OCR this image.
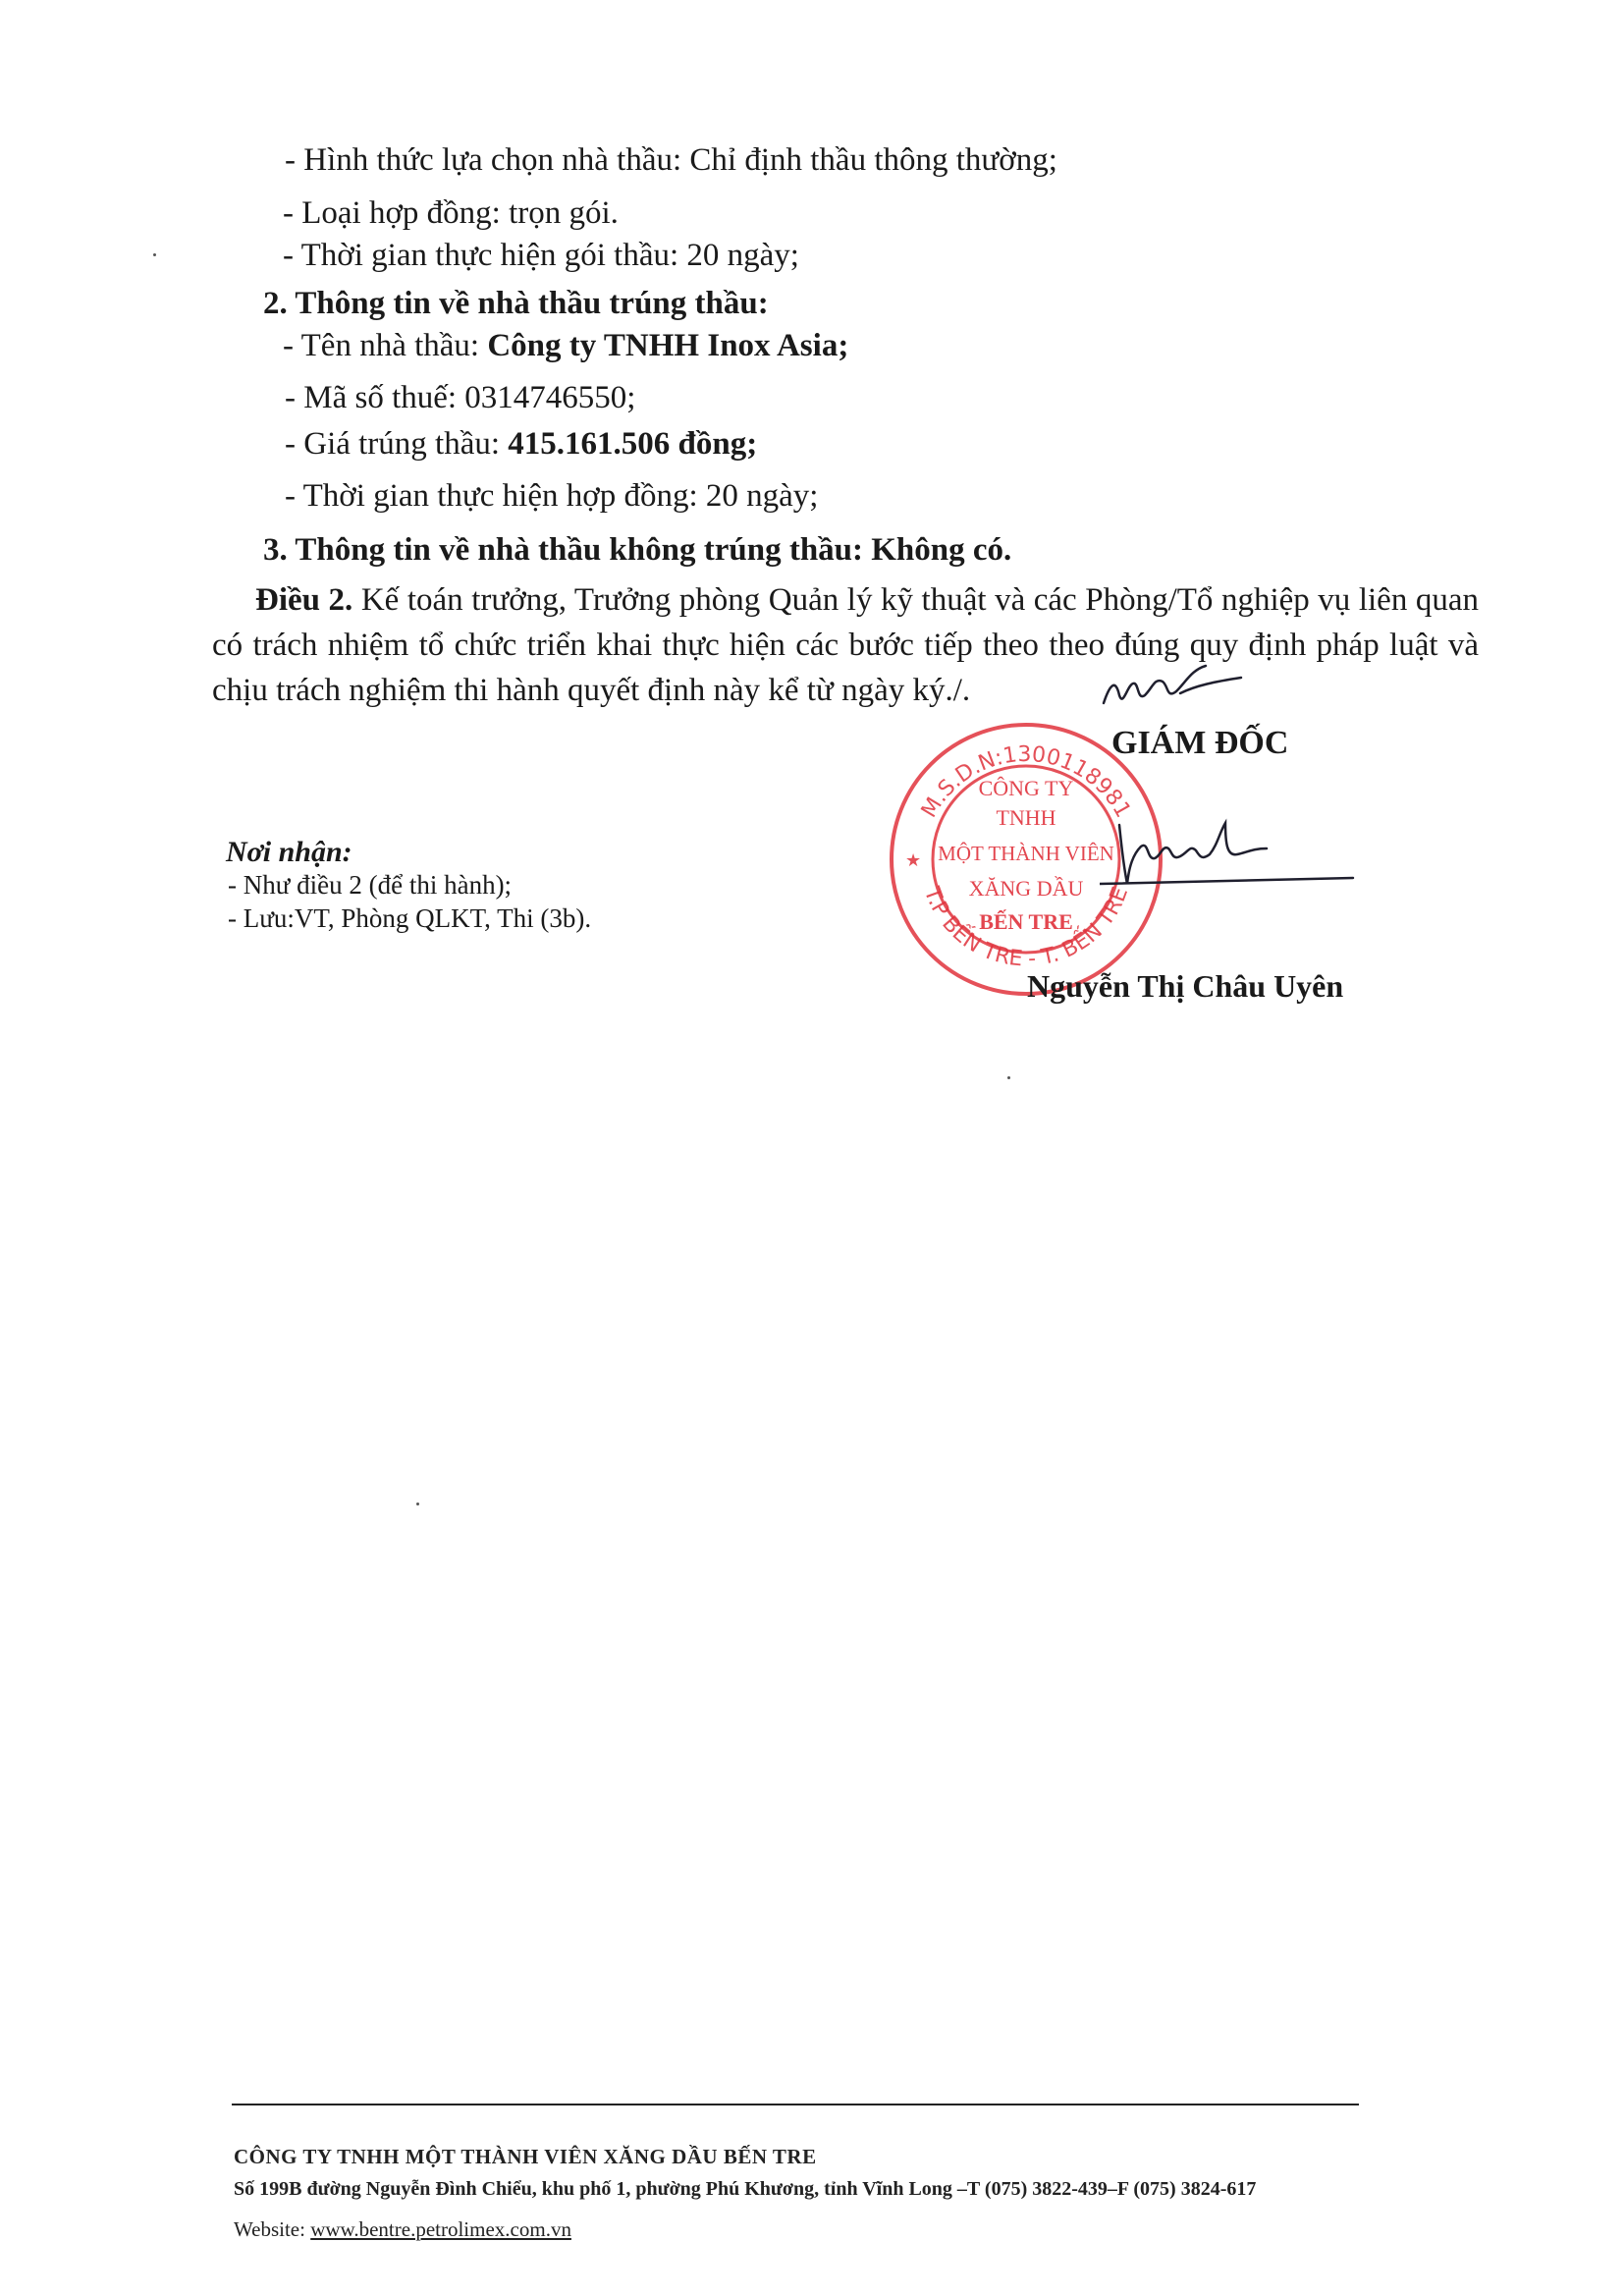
- Hình thức lựa chọn nhà thầu: Chỉ định thầu thông thường;
- Loại hợp đồng: trọn gói.
- Thời gian thực hiện gói thầu: 20 ngày;
2. Thông tin về nhà thầu trúng thầu:
- Tên nhà thầu: Công ty TNHH Inox Asia;
- Mã số thuế: 0314746550;
- Giá trúng thầu: 415.161.506 đồng;
- Thời gian thực hiện hợp đồng: 20 ngày;
3. Thông tin về nhà thầu không trúng thầu: Không có.
Điều 2. Kế toán trưởng, Trưởng phòng Quản lý kỹ thuật và các Phòng/Tổ nghiệp vụ liên quan có trách nhiệm tổ chức triển khai thực hiện các bước tiếp theo theo đúng quy định pháp luật và chịu trách nghiệm thi hành quyết định này kể từ ngày ký./.
GIÁM ĐỐC
Nơi nhận:
- Như điều 2 (để thi hành);
- Lưu:VT, Phòng QLKT, Thi (3b).
M.S.D.N:1300118981
T.P BẾN TRE - T. BẾN TRE
★
CÔNG TY
TNHH
MỘT THÀNH VIÊN
XĂNG DẦU
BẾN TRE
Nguyễn Thị Châu Uyên
CÔNG TY TNHH MỘT THÀNH VIÊN XĂNG DẦU BẾN TRE
Số 199B đường Nguyễn Đình Chiểu, khu phố 1, phường Phú Khương, tỉnh Vĩnh Long –T (075) 3822-439–F (075) 3824-617
Website: www.bentre.petrolimex.com.vn
